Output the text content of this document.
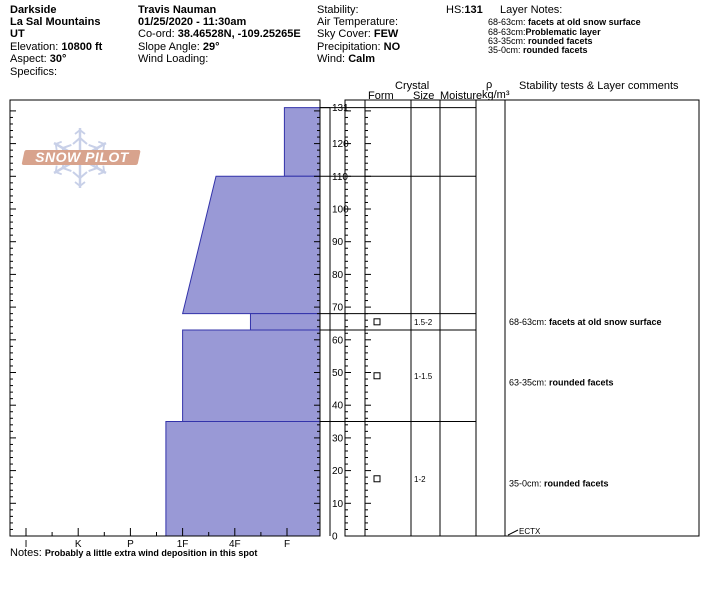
Darkside
La Sal Mountains
UT
Elevation: 10800 ft
Aspect: 30°
Specifics:
Travis Nauman
01/25/2020 - 11:30am
Co-ord: 38.46528N, -109.25265E
Slope Angle: 29°
Wind Loading:
Stability:
Air Temperature:
Sky Cover: FEW
Precipitation: NO
Wind: Calm
HS:131 Layer Notes:
68-63cm: facets at old snow surface
68-63cm:Problematic layer
63-35cm: rounded facets
35-0cm: rounded facets
Crystal
Form Size Moisture
ρ
kg/m³
Stability tests & Layer comments
SNOW PILOT
0
10
20
30
40
50
60
70
80
90
100
110
120
131
I	K	P	1F	4F	F
1.5-2
1-1.5
1-2
68-63cm: facets at old snow surface
63-35cm: rounded facets
35-0cm: rounded facets
ECTX
Notes: Probably a little extra wind deposition in this spot
